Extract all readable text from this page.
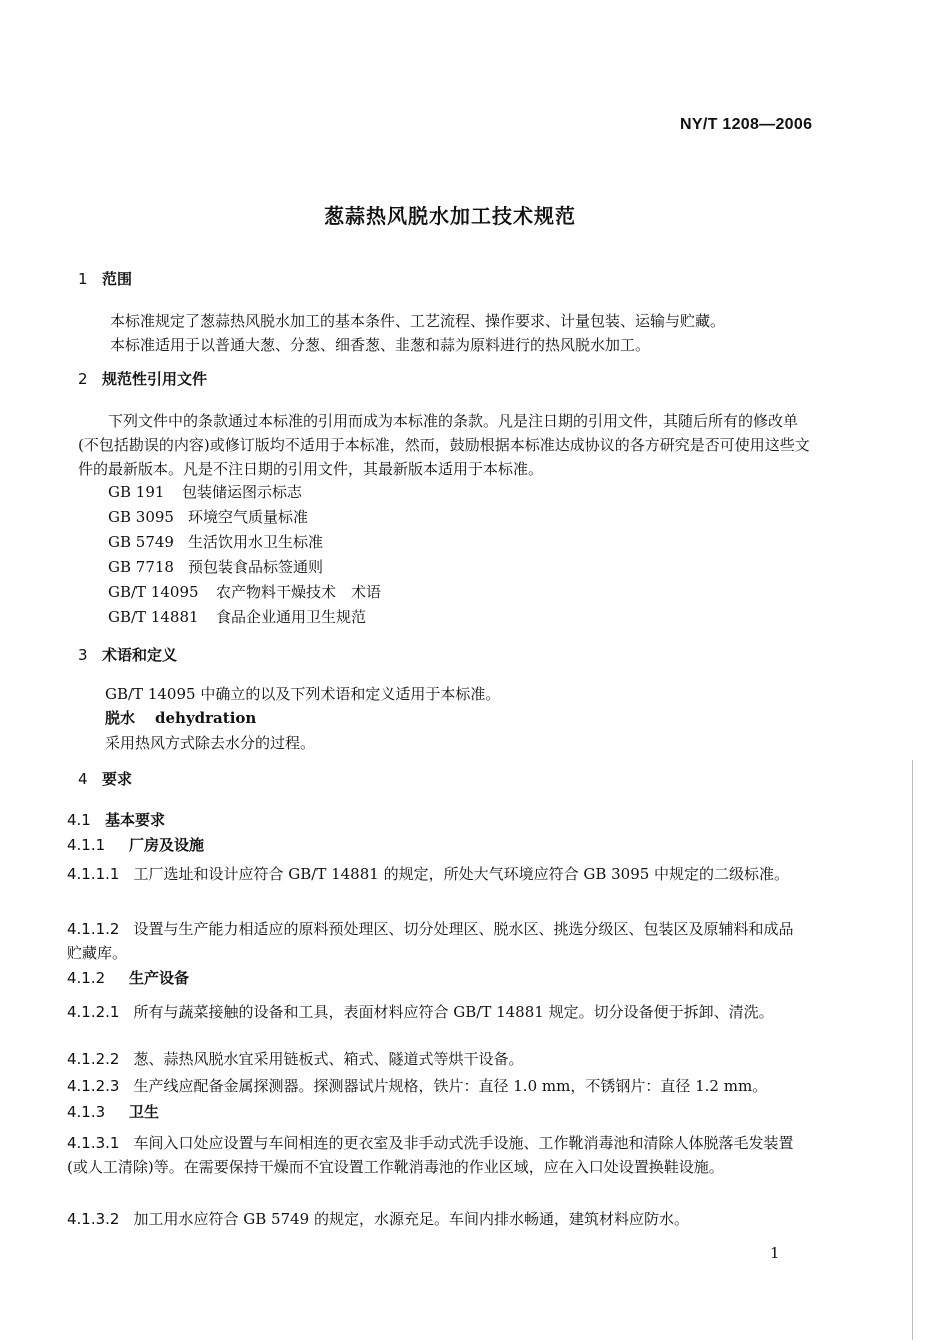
NY/T 1208—2006
葱蒜热风脱水加工技术规范
1 范围
本标准规定了葱蒜热风脱水加工的基本条件、工艺流程、操作要求、计量包装、运输与贮藏。
本标准适用于以普通大葱、分葱、细香葱、韭葱和蒜为原料进行的热风脱水加工。
2 规范性引用文件
下列文件中的条款通过本标准的引用而成为本标准的条款。凡是注日期的引用文件，其随后所有的修改单(不包括勘误的内容)或修订版均不适用于本标准，然而，鼓励根据本标准达成协议的各方研究是否可使用这些文件的最新版本。凡是不注日期的引用文件，其最新版本适用于本标准。
GB 191 包装储运图示标志
GB 3095 环境空气质量标准
GB 5749 生活饮用水卫生标准
GB 7718 预包装食品标签通则
GB/T 14095 农产物料干燥技术　术语
GB/T 14881 食品企业通用卫生规范
3 术语和定义
GB/T 14095 中确立的以及下列术语和定义适用于本标准。
脱水 dehydration
采用热风方式除去水分的过程。
4 要求
4.1 基本要求
4.1.1 厂房及设施
4.1.1.1 工厂选址和设计应符合 GB/T 14881 的规定，所处大气环境应符合 GB 3095 中规定的二级标准。
4.1.1.2 设置与生产能力相适应的原料预处理区、切分处理区、脱水区、挑选分级区、包装区及原辅料和成品贮藏库。
4.1.2 生产设备
4.1.2.1 所有与蔬菜接触的设备和工具，表面材料应符合 GB/T 14881 规定。切分设备便于拆卸、清洗。
4.1.2.2 葱、蒜热风脱水宜采用链板式、箱式、隧道式等烘干设备。
4.1.2.3 生产线应配备金属探测器。探测器试片规格，铁片：直径 1.0 mm，不锈钢片：直径 1.2 mm。
4.1.3 卫生
4.1.3.1 车间入口处应设置与车间相连的更衣室及非手动式洗手设施、工作靴消毒池和清除人体脱落毛发装置(或人工清除)等。在需要保持干燥而不宜设置工作靴消毒池的作业区域，应在入口处设置换鞋设施。
4.1.3.2 加工用水应符合 GB 5749 的规定，水源充足。车间内排水畅通，建筑材料应防水。
1
